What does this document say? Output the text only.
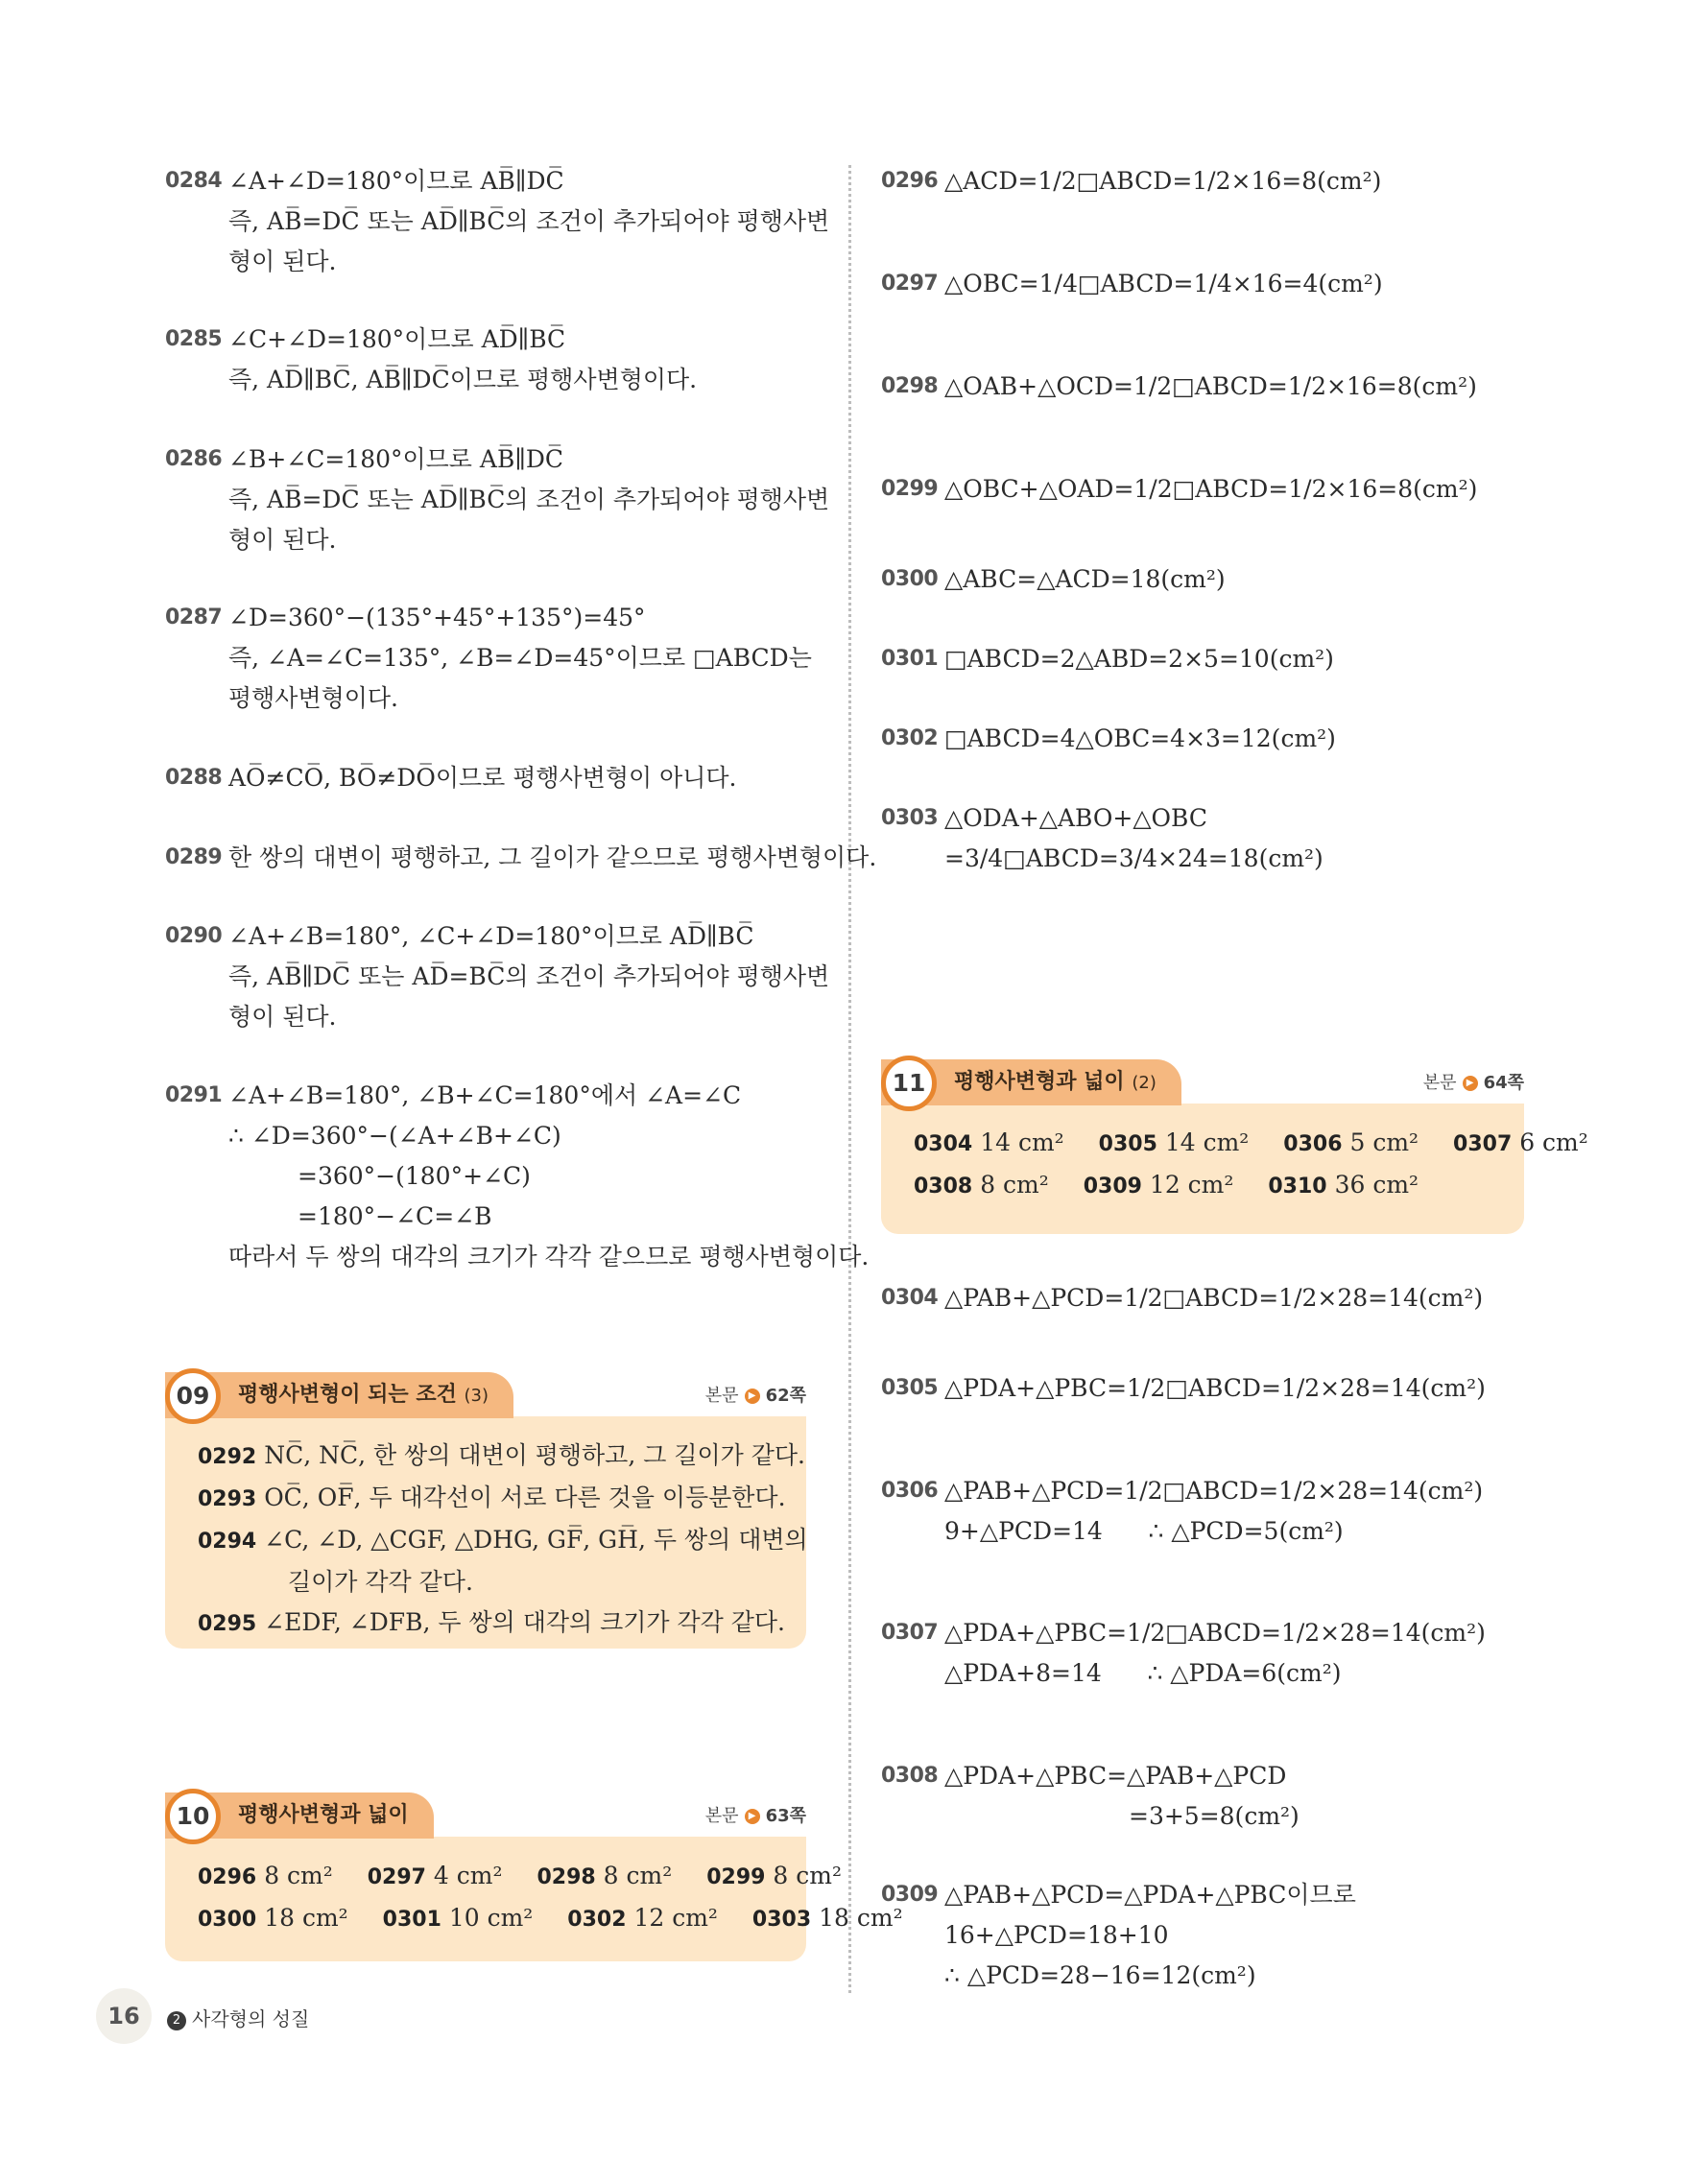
0284 ∠A+∠D=180°이므로 AB̅∥DC̅
즉, AB̅=DC̅ 또는 AD̅∥BC̅의 조건이 추가되어야 평행사변
형이 된다.
0285 ∠C+∠D=180°이므로 AD̅∥BC̅
즉, AD̅∥BC̅, AB̅∥DC̅이므로 평행사변형이다.
0286 ∠B+∠C=180°이므로 AB̅∥DC̅
즉, AB̅=DC̅ 또는 AD̅∥BC̅의 조건이 추가되어야 평행사변
형이 된다.
0287 ∠D=360°−(135°+45°+135°)=45°
즉, ∠A=∠C=135°, ∠B=∠D=45°이므로 □ABCD는
평행사변형이다.
0288 AO̅≠CO̅, BO̅≠DO̅이므로 평행사변형이 아니다.
0289 한 쌍의 대변이 평행하고, 그 길이가 같으므로 평행사변형이다.
0290 ∠A+∠B=180°, ∠C+∠D=180°이므로 AD̅∥BC̅
즉, AB̅∥DC̅ 또는 AD̅=BC̅의 조건이 추가되어야 평행사변
형이 된다.
0291 ∠A+∠B=180°, ∠B+∠C=180°에서 ∠A=∠C
∴ ∠D=360°−(∠A+∠B+∠C)
=360°−(180°+∠C)
=180°−∠C=∠B
따라서 두 쌍의 대각의 크기가 각각 같으므로 평행사변형이다.
0292 NC̅, NC̅, 한 쌍의 대변이 평행하고, 그 길이가 같다.
0293 OC̅, OF̅, 두 대각선이 서로 다른 것을 이등분한다.
0294 ∠C, ∠D, △CGF, △DHG, GF̅, GH̅, 두 쌍의 대변의
길이가 각각 같다.
0295 ∠EDF, ∠DFB, 두 쌍의 대각의 크기가 각각 같다.
평행사변형이 되는 조건 (3)
09	본문 ▶ 62쪽
0296 8 cm² 0297 4 cm² 0298 8 cm² 0299 8 cm²
0300 18 cm² 0301 10 cm² 0302 12 cm² 0303 18 cm²
평행사변형과 넓이
10	본문 ▶ 63쪽
0296 △ACD=1/2□ABCD=1/2×16=8(cm²)
0297 △OBC=1/4□ABCD=1/4×16=4(cm²)
0298 △OAB+△OCD=1/2□ABCD=1/2×16=8(cm²)
0299 △OBC+△OAD=1/2□ABCD=1/2×16=8(cm²)
0300 △ABC=△ACD=18(cm²)
0301 □ABCD=2△ABD=2×5=10(cm²)
0302 □ABCD=4△OBC=4×3=12(cm²)
0303 △ODA+△ABO+△OBC
=3/4□ABCD=3/4×24=18(cm²)
0304 14 cm² 0305 14 cm² 0306 5 cm² 0307 6 cm²
0308 8 cm² 0309 12 cm² 0310 36 cm²
평행사변형과 넓이 (2)
11	본문 ▶ 64쪽
0304 △PAB+△PCD=1/2□ABCD=1/2×28=14(cm²)
0305 △PDA+△PBC=1/2□ABCD=1/2×28=14(cm²)
0306 △PAB+△PCD=1/2□ABCD=1/2×28=14(cm²)
9+△PCD=14      ∴ △PCD=5(cm²)
0307 △PDA+△PBC=1/2□ABCD=1/2×28=14(cm²)
△PDA+8=14      ∴ △PDA=6(cm²)
0308 △PDA+△PBC=△PAB+△PCD
=3+5=8(cm²)
0309 △PAB+△PCD=△PDA+△PBC이므로
16+△PCD=18+10
∴ △PCD=28−16=12(cm²)
16	2 사각형의 성질
